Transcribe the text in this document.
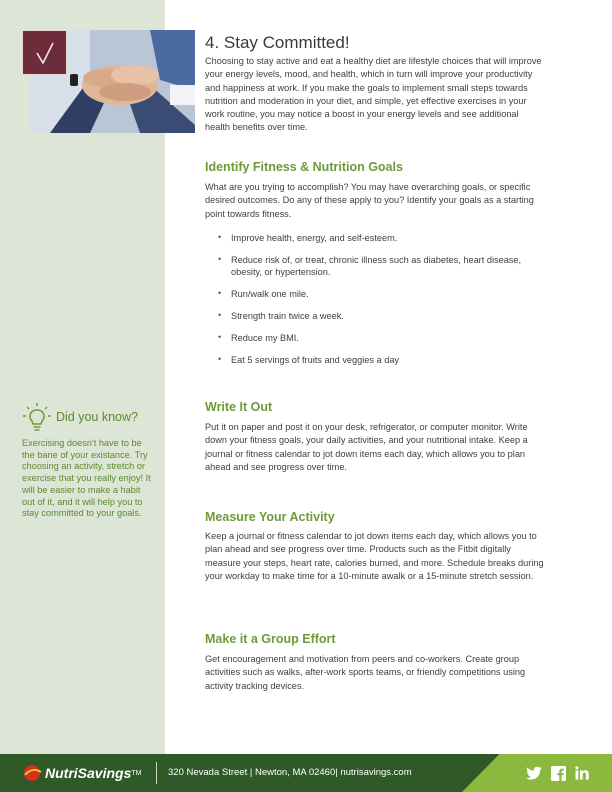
4. Stay Committed!

Choosing to stay active and eat a healthy diet are lifestyle choices that will improve your energy levels, mood, and health, which in turn will improve your productivity and happiness at work. If you make the goals to implement small steps towards nutrition and moderation in your diet, and simple, yet effective exercises in your work routine, you may notice a boost in your energy levels and see additional health benefits over time.

Identify Fitness & Nutrition Goals

What are you trying to accomplish? You may have overarching goals, or specific desired outcomes. Do any of these apply to you? Identify your goals as a starting point towards fitness.

• Improve health, energy, and self-esteem.
• Reduce risk of, or treat, chronic illness such as diabetes, heart disease, obesity, or hypertension.
• Run/walk one mile.
• Strength train twice a week.
• Reduce my BMI.
• Eat 5 servings of fruits and veggies a day
Write It Out

Put it on paper and post it on your desk, refrigerator, or computer monitor. Write down your fitness goals, your daily activities, and your nutritional intake. Keep a journal or fitness calendar to jot down items each day, which allows you to plan ahead and see progress over time.

Measure Your Activity

Keep a journal or fitness calendar to jot down items each day, which allows you to plan ahead and see progress over time. Products such as the Fitbit digitally measure your steps, heart rate, calories burned, and more. Schedule breaks during your workday to make time for a 10-minute awalk or a 15-minute stretch session.

Make it a Group Effort

Get encouragement and motivation from peers and co-workers. Create group activities such as walks, after-work sports teams, or friendly competitions using activity tracking devices.

Did you know?

Exercising doesn't have to be the bane of your existance. Try choosing an activity, stretch or exercise that you really enjoy! It will be easier to make a habit out of it, and it will help you to stay committed to your goals.

NutriSavings TM	320 Nevada Street | Newton, MA 02460| nutrisavings.com
